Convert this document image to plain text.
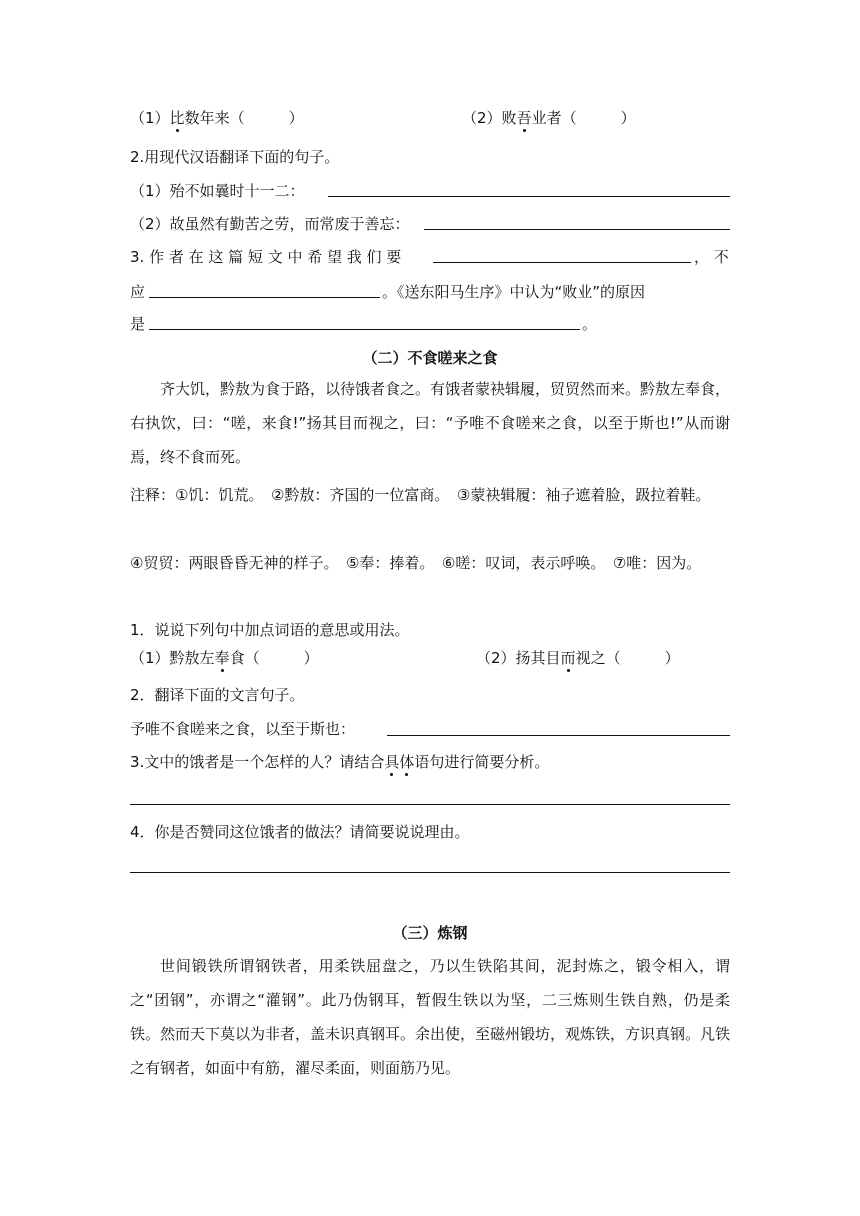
（1）比数年来（	）	（2）败吾业者（	）
2.用现代汉语翻译下面的句子。
（1）殆不如曩时十一二：
（2）故虽然有勤苦之劳，而常废于善忘：
3. 作 者 在 这 篇 短 文 中 希 望 我 们 要	， 不
应	。《送东阳马生序》中认为“败业”的原因
是	。
（二）不食嗟来之食
齐大饥，黔敖为食于路，以待饿者食之。有饿者蒙袂辑履，贸贸然而来。黔敖左奉食，右执饮，曰：“嗟，来食!”扬其目而视之，曰：“予唯不食嗟来之食，以至于斯也!”从而谢焉，终不食而死。
注释：①饥：饥荒。　②黔敖：齐国的一位富商。　③蒙袂辑履：袖子遮着脸，趿拉着鞋。
④贸贸：两眼昏昏无神的样子。　⑤奉：捧着。　⑥嗟：叹词，表示呼唤。　⑦唯：因为。
1．说说下列句中加点词语的意思或用法。
（1）黔敖左奉食（	）	（2）扬其目而视之（	）
2．翻译下面的文言句子。
予唯不食嗟来之食，以至于斯也：
3.文中的饿者是一个怎样的人？请结合具体语句进行简要分析。
4．你是否赞同这位饿者的做法？请简要说说理由。
（三）炼钢
世间锻铁所谓钢铁者，用柔铁屈盘之，乃以生铁陷其间，泥封炼之，锻令相入，谓之“团钢”，亦谓之“灌钢”。此乃伪钢耳，暂假生铁以为坚，二三炼则生铁自熟，仍是柔铁。然而天下莫以为非者，盖未识真钢耳。余出使，至磁州锻坊，观炼铁，方识真钢。凡铁之有钢者，如面中有筋，濯尽柔面，则面筋乃见。
